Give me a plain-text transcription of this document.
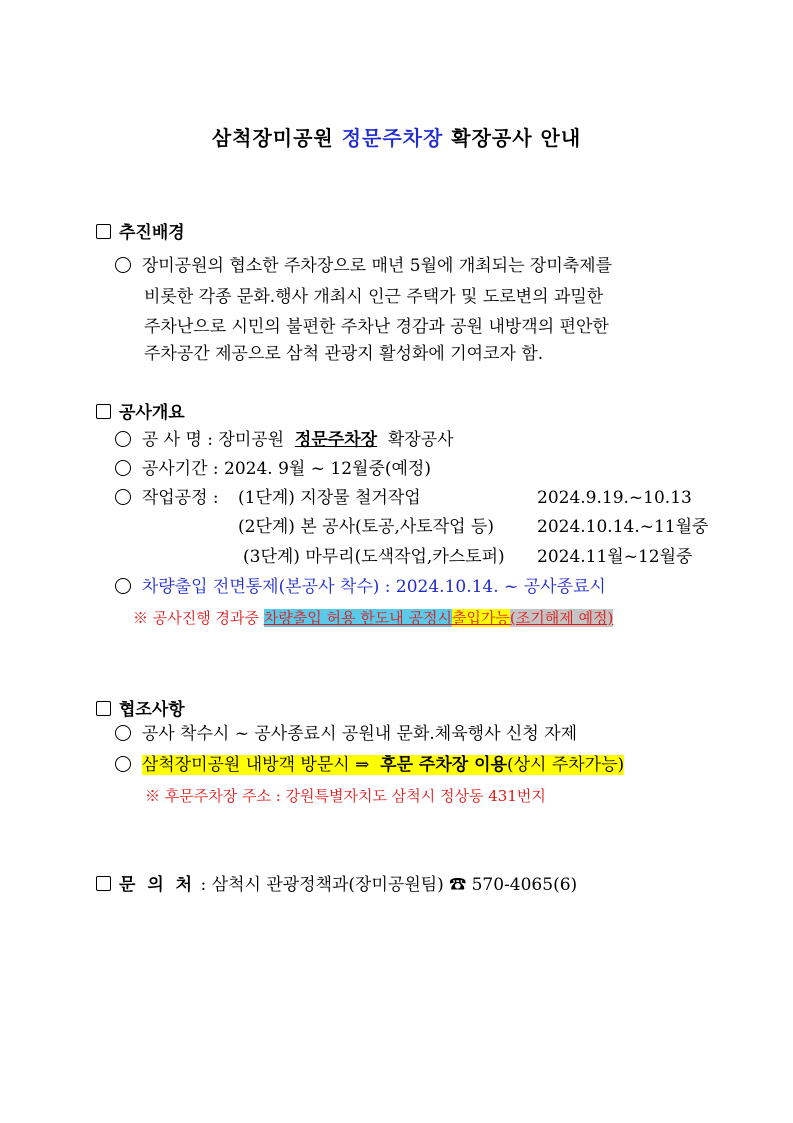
삼척장미공원 정문주차장 확장공사 안내
추진배경
장미공원의 협소한 주차장으로 매년 5월에 개최되는 장미축제를
비롯한 각종 문화.행사 개최시 인근 주택가 및 도로변의 과밀한
주차난으로 시민의 불편한 주차난 경감과 공원 내방객의 편안한
주차공간 제공으로 삼척 관광지 활성화에 기여코자 함.
공사개요
공 사 명 : 장미공원 정문주차장 확장공사
공사기간 : 2024. 9월 ~ 12월중(예정)
작업공정 : (1단계) 지장물 철거작업	2024.9.19.~10.13
(2단계) 본 공사(토공,사토작업 등)	2024.10.14.~11월중
(3단계) 마무리(도색작업,카스토퍼) 2024.11월~12월중
차량출입 전면통제(본공사 착수) : 2024.10.14. ~ 공사종료시
※ 공사진행 경과중 차량출입 허용 한도내 공정시출입가능(조기해제 예정)
협조사항
공사 착수시 ~ 공사종료시 공원내 문화.체육행사 신청 자제
삼척장미공원 내방객 방문시 ⇒ 후문 주차장 이용(상시 주차가능)
※ 후문주차장 주소 : 강원특별자치도 삼척시 정상동 431번지
문 의 처 : 삼척시 관광정책과(장미공원팀) ☎ 570-4065(6)
